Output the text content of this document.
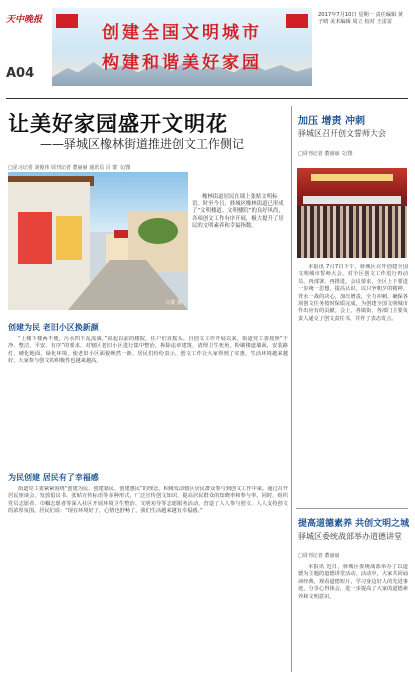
天中晚报
A04
创建全国文明城市
构建和谐美好家园
2017年7月10日 星期一 责任编辑 黄子晴 美术编辑 周立 校对 王雷雷
让美好家园盛开文明花
——驿城区橡林街道推进创文工作侧记
□见习记者 刘俊伟 周刊记者 董丽丽 通讯员 吕 蒙 文/图
吕蒙 摄
橡林街道居民在墙上张贴文明标语。时至今日，驿城区橡林街道已形成了“文明楼道、文明楼院”的良好风尚，各项创文工作有序开展，极大提升了居民的文明素养和幸福指数。
创建为民 老旧小区换新颜
“上楼下楼两不便，污水四下乱流淌。”说起以前的楼院，住户们直摇头。自创文工作开展以来，街道党工委按照“干净、整洁、平安、有序”的要求，对辖区老旧小区进行集中整治，拆除违章建筑，清理卫生死角，粉刷楼道墙面，安装路灯，硬化地面，绿化环境，使老旧小区面貌焕然一新。居民们纷纷表示，创文工作让大家得到了实惠，生活环境越来越好，大家参与创文的积极性也越来越高。
为民创建 居民有了幸福感
街道党工委紧紧围绕“创建为民、创建靠民、创建惠民”的理念，积极发动辖区居民群众参与到创文工作中来。通过召开居民座谈会、发放倡议书、张贴宣传标语等多种形式，广泛宣传创文知识，提高居民群众的知晓率和参与率。同时，组织党员志愿者、巾帼志愿者等深入社区开展环境卫生整治、文明劝导等志愿服务活动，营造了人人参与创文、人人支持创文的浓厚氛围。居民们说：“现在环境好了，心情也舒畅了，我们生活越来越有幸福感。”
加压 增责 冲刺
驿城区召开创文誓师大会
□周刊记者 董丽丽 文/图
本报讯 7月7日下午，驿城区召开创建全国文明城市誓师大会，对全区创文工作进行再动员、再部署、再推进。会议要求，全区上下要进一步统一思想，提高认识，以只争朝夕的精神、背水一战的决心，加压增责，全力冲刺，确保各项创文任务按时保质完成，为创建全国文明城市作出应有的贡献。会上，各镇街、各部门主要负责人递交了创文责任书，并作了表态发言。
提高道德素养 共创文明之城
驿城区委统战部举办道德讲堂
□周刊记者 董丽丽
本报讯 近日，驿城区委统战部举办了以道德为主题的道德讲堂活动。活动中，大家共同诵读经典，观看道德短片，学习身边好人的先进事迹，分享心得体会，进一步提高了大家的道德素养和文明意识。
